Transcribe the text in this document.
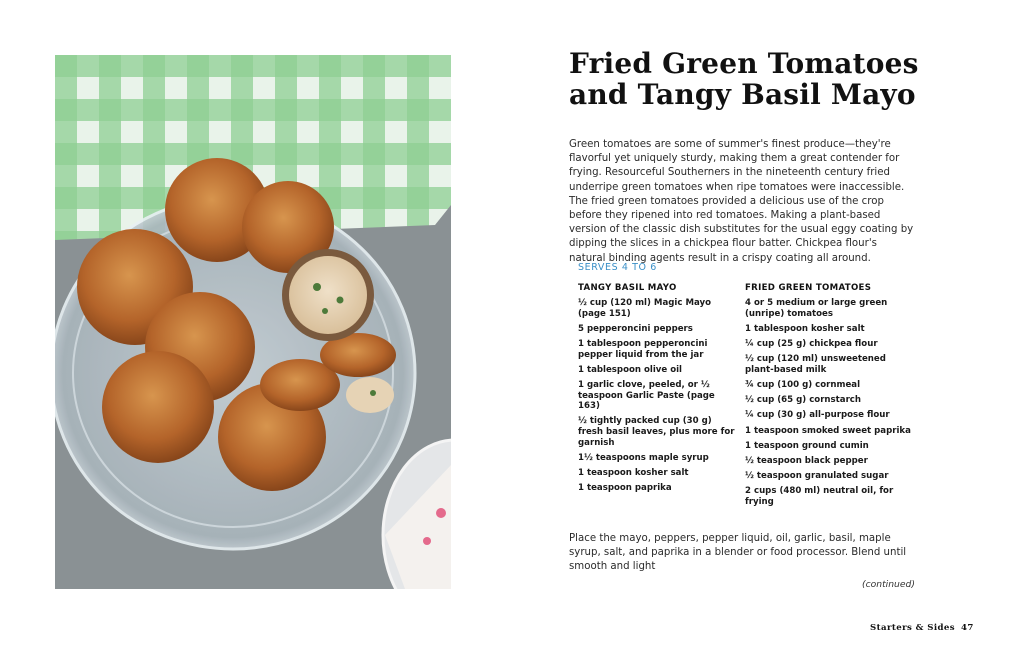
Fried Green Tomatoes
and Tangy Basil Mayo

Green tomatoes are some of summer's finest produce—they're flavorful yet uniquely sturdy, making them a great contender for frying. Resourceful Southerners in the nineteenth century fried underripe green tomatoes when ripe tomatoes were inaccessible. The fried green tomatoes provided a delicious use of the crop before they ripened into red tomatoes. Making a plant-based version of the classic dish substitutes for the usual eggy coating by dipping the slices in a chickpea flour batter. Chickpea flour's natural binding agents result in a crispy coating all around.

SERVES 4 TO 6
TANGY BASIL MAYO
½ cup (120 ml) Magic Mayo (page 151)
5 pepperoncini peppers
1 tablespoon pepperoncini pepper liquid from the jar
1 tablespoon olive oil
1 garlic clove, peeled, or ½ teaspoon Garlic Paste (page 163)
½ tightly packed cup (30 g) fresh basil leaves, plus more for garnish
1½ teaspoons maple syrup
1 teaspoon kosher salt
1 teaspoon paprika
FRIED GREEN TOMATOES
4 or 5 medium or large green (unripe) tomatoes
1 tablespoon kosher salt
¼ cup (25 g) chickpea flour
½ cup (120 ml) unsweetened plant-based milk
¾ cup (100 g) cornmeal
½ cup (65 g) cornstarch
¼ cup (30 g) all-purpose flour
1 teaspoon smoked sweet paprika
1 teaspoon ground cumin
½ teaspoon black pepper
½ teaspoon granulated sugar
2 cups (480 ml) neutral oil, for frying

Place the mayo, peppers, pepper liquid, oil, garlic, basil, maple syrup, salt, and paprika in a blender or food processor. Blend until smooth and light

(continued)
Starters & Sides 47
